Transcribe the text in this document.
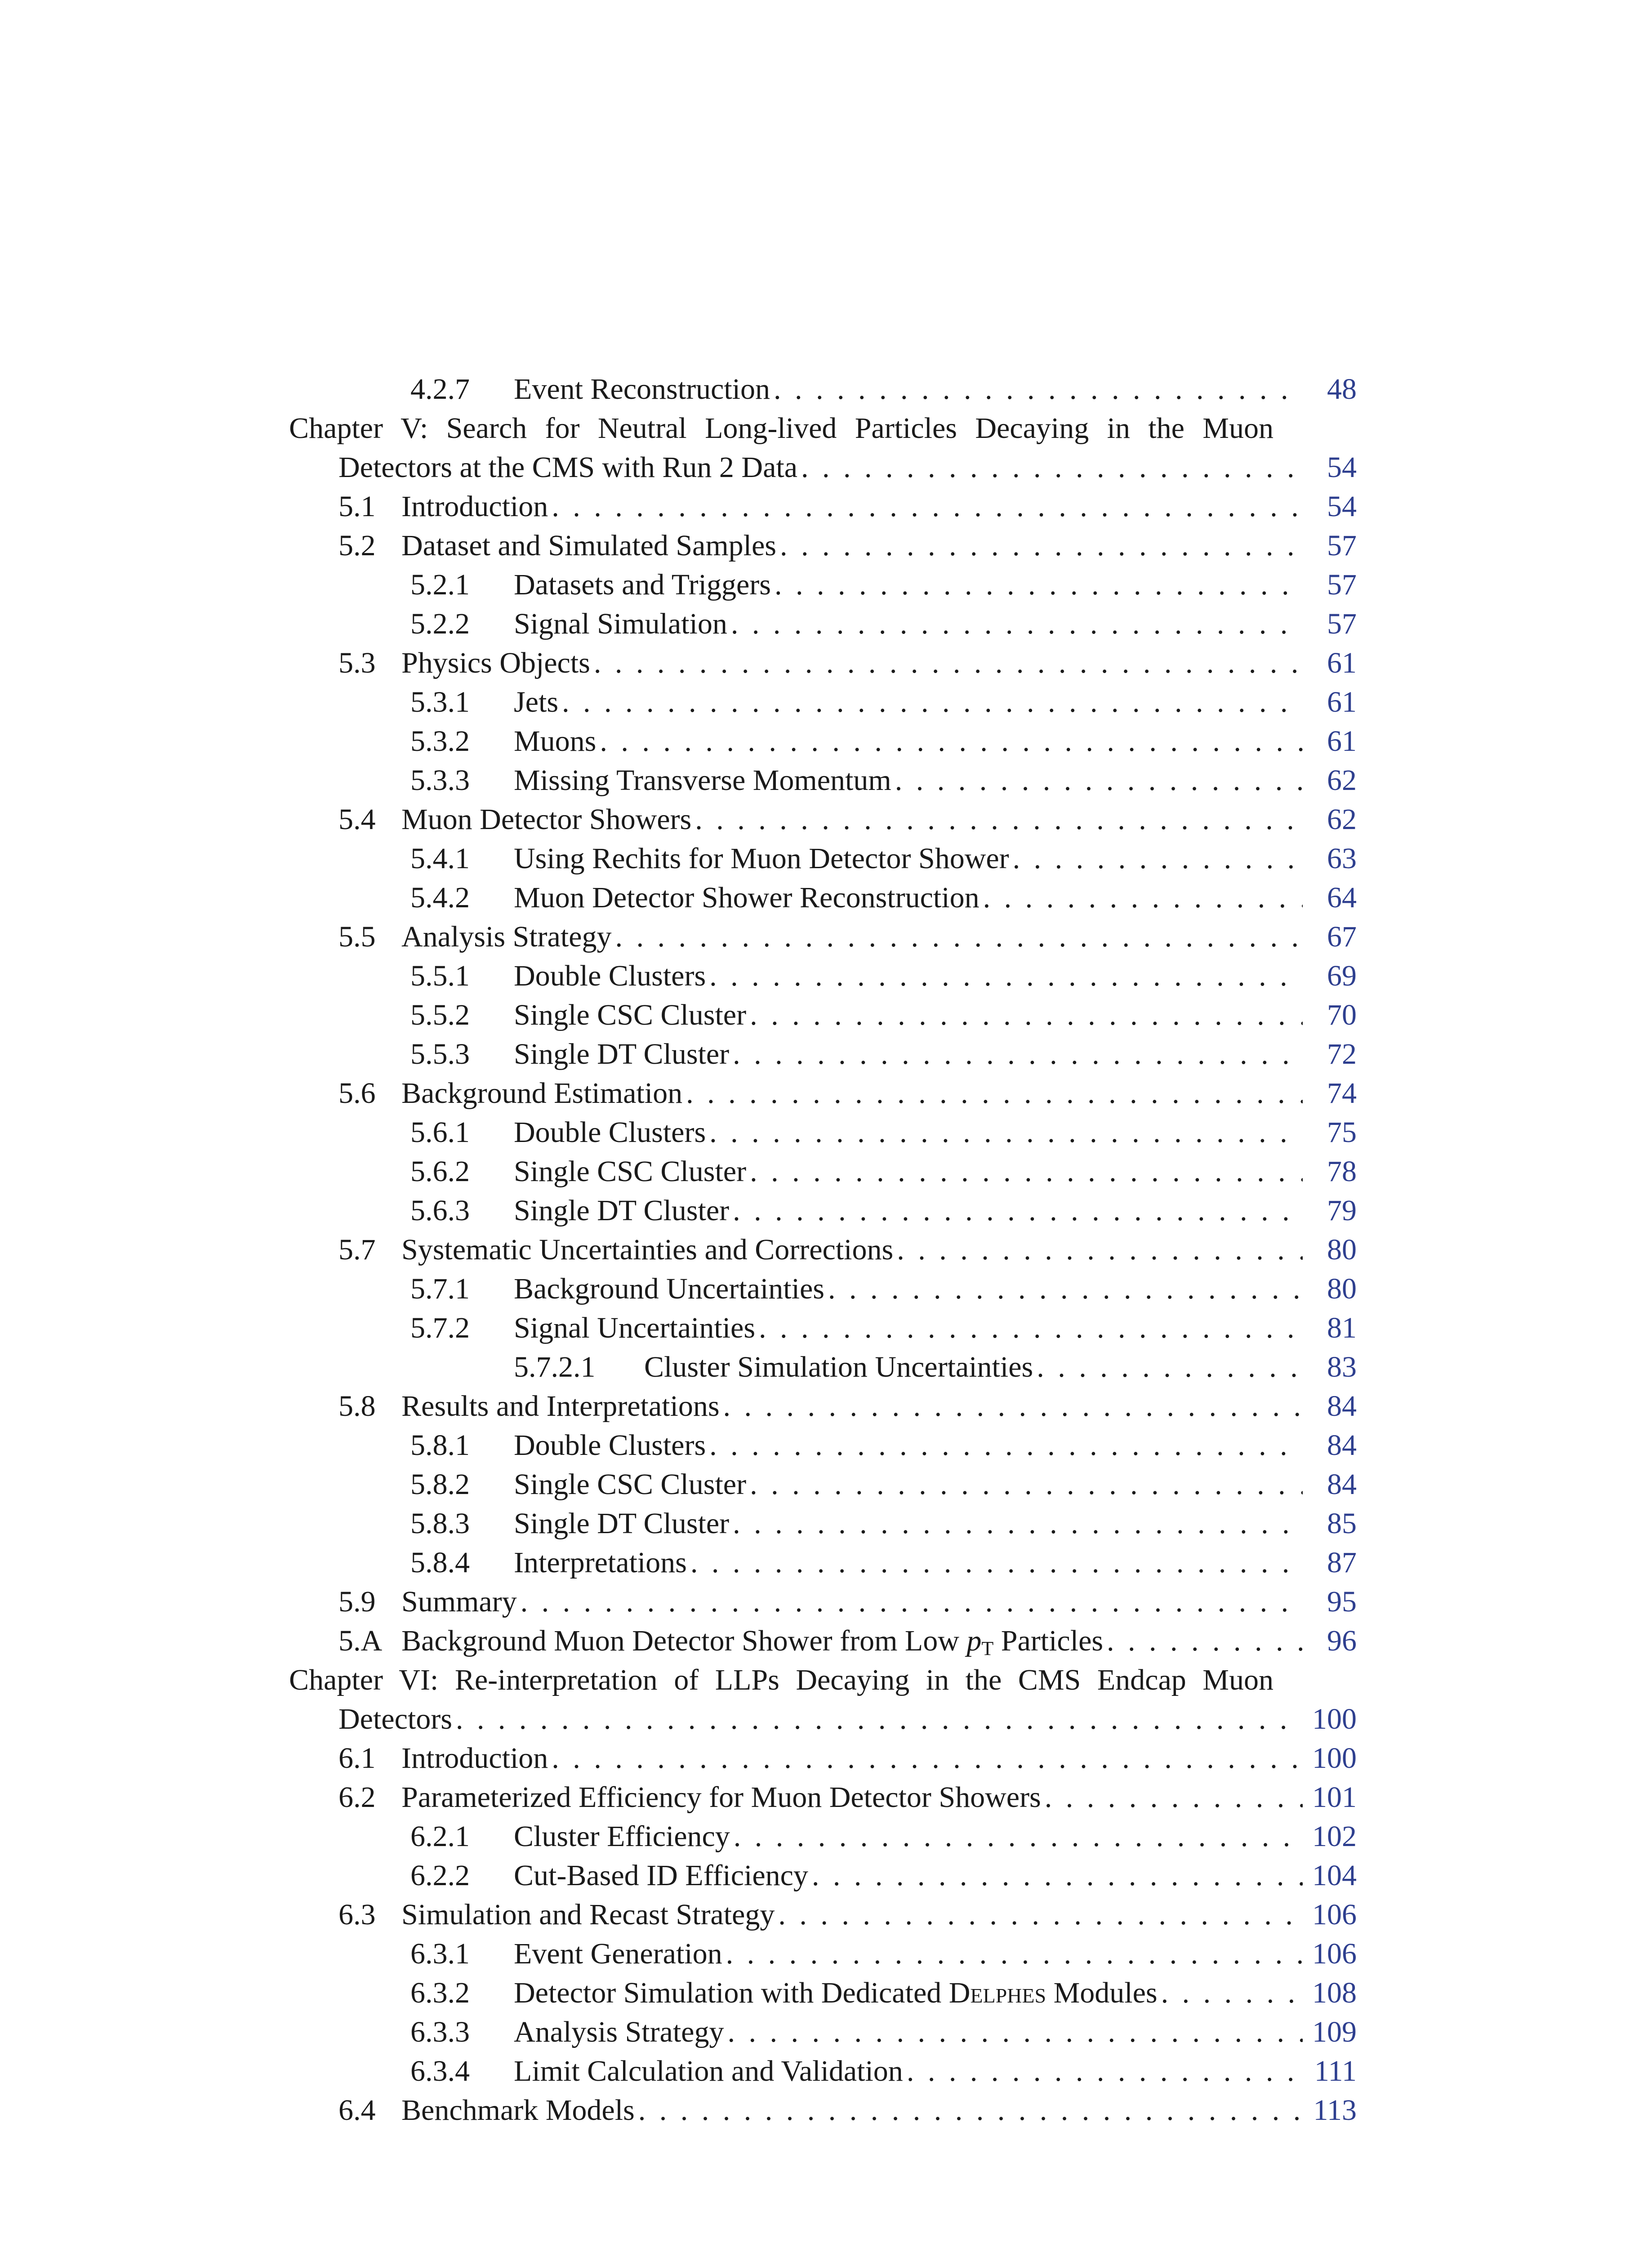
4.2.7 Event Reconstruction . . .	48
Chapter V: Search for Neutral Long-lived Particles Decaying in the Muon
Detectors at the CMS with Run 2 Data . . .	54
5.1 Introduction . . .	54
5.2 Dataset and Simulated Samples . . .	57
5.2.1 Datasets and Triggers . . .	57
5.2.2 Signal Simulation . . .	57
5.3 Physics Objects . . .	61
5.3.1 Jets . . .	61
5.3.2 Muons . . .	61
5.3.3 Missing Transverse Momentum . . .	62
5.4 Muon Detector Showers . . .	62
5.4.1 Using Rechits for Muon Detector Shower . . .	63
5.4.2 Muon Detector Shower Reconstruction . . .	64
5.5 Analysis Strategy . . .	67
5.5.1 Double Clusters . . .	69
5.5.2 Single CSC Cluster . . .	70
5.5.3 Single DT Cluster . . .	72
5.6 Background Estimation . . .	74
5.6.1 Double Clusters . . .	75
5.6.2 Single CSC Cluster . . .	78
5.6.3 Single DT Cluster . . .	79
5.7 Systematic Uncertainties and Corrections . . .	80
5.7.1 Background Uncertainties . . .	80
5.7.2 Signal Uncertainties . . .	81
5.7.2.1 Cluster Simulation Uncertainties . . .	83
5.8 Results and Interpretations . . .	84
5.8.1 Double Clusters . . .	84
5.8.2 Single CSC Cluster . . .	84
5.8.3 Single DT Cluster . . .	85
5.8.4 Interpretations . . .	87
5.9 Summary . . .	95
5.A Background Muon Detector Shower from Low $p_T$ Particles . . .	96
Chapter VI: Re-interpretation of LLPs Decaying in the CMS Endcap Muon
Detectors . . .	100
6.1 Introduction . . .	100
6.2 Parameterized Efficiency for Muon Detector Showers . . .	101
6.2.1 Cluster Efficiency . . .	102
6.2.2 Cut-Based ID Efficiency . . .	104
6.3 Simulation and Recast Strategy . . .	106
6.3.1 Event Generation . . .	106
6.3.2 Detector Simulation with Dedicated Delphes Modules . . .	108
6.3.3 Analysis Strategy . . .	109
6.3.4 Limit Calculation and Validation . . .	111
6.4 Benchmark Models . . .	113
